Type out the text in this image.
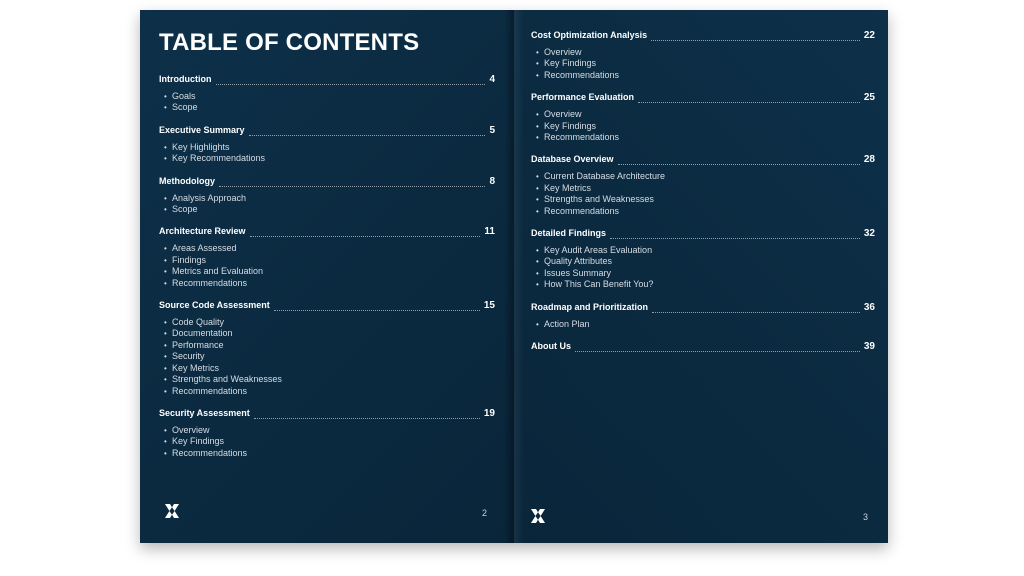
TABLE OF CONTENTS
Introduction	4
• Goals
• Scope
Executive Summary	5
• Key Highlights
• Key Recommendations
Methodology	8
• Analysis Approach
• Scope
Architecture Review	11
• Areas Assessed
• Findings
• Metrics and Evaluation
• Recommendations
Source Code Assessment	15
• Code Quality
• Documentation
• Performance
• Security
• Key Metrics
• Strengths and Weaknesses
• Recommendations
Security Assessment	19
• Overview
• Key Findings
• Recommendations
2
Cost Optimization Analysis	22
• Overview
• Key Findings
• Recommendations
Performance Evaluation	25
• Overview
• Key Findings
• Recommendations
Database Overview	28
• Current Database Architecture
• Key Metrics
• Strengths and Weaknesses
• Recommendations
Detailed Findings	32
• Key Audit Areas Evaluation
• Quality Attributes
• Issues Summary
• How This Can Benefit You?
Roadmap and Prioritization	36
• Action Plan
About Us	39
3
